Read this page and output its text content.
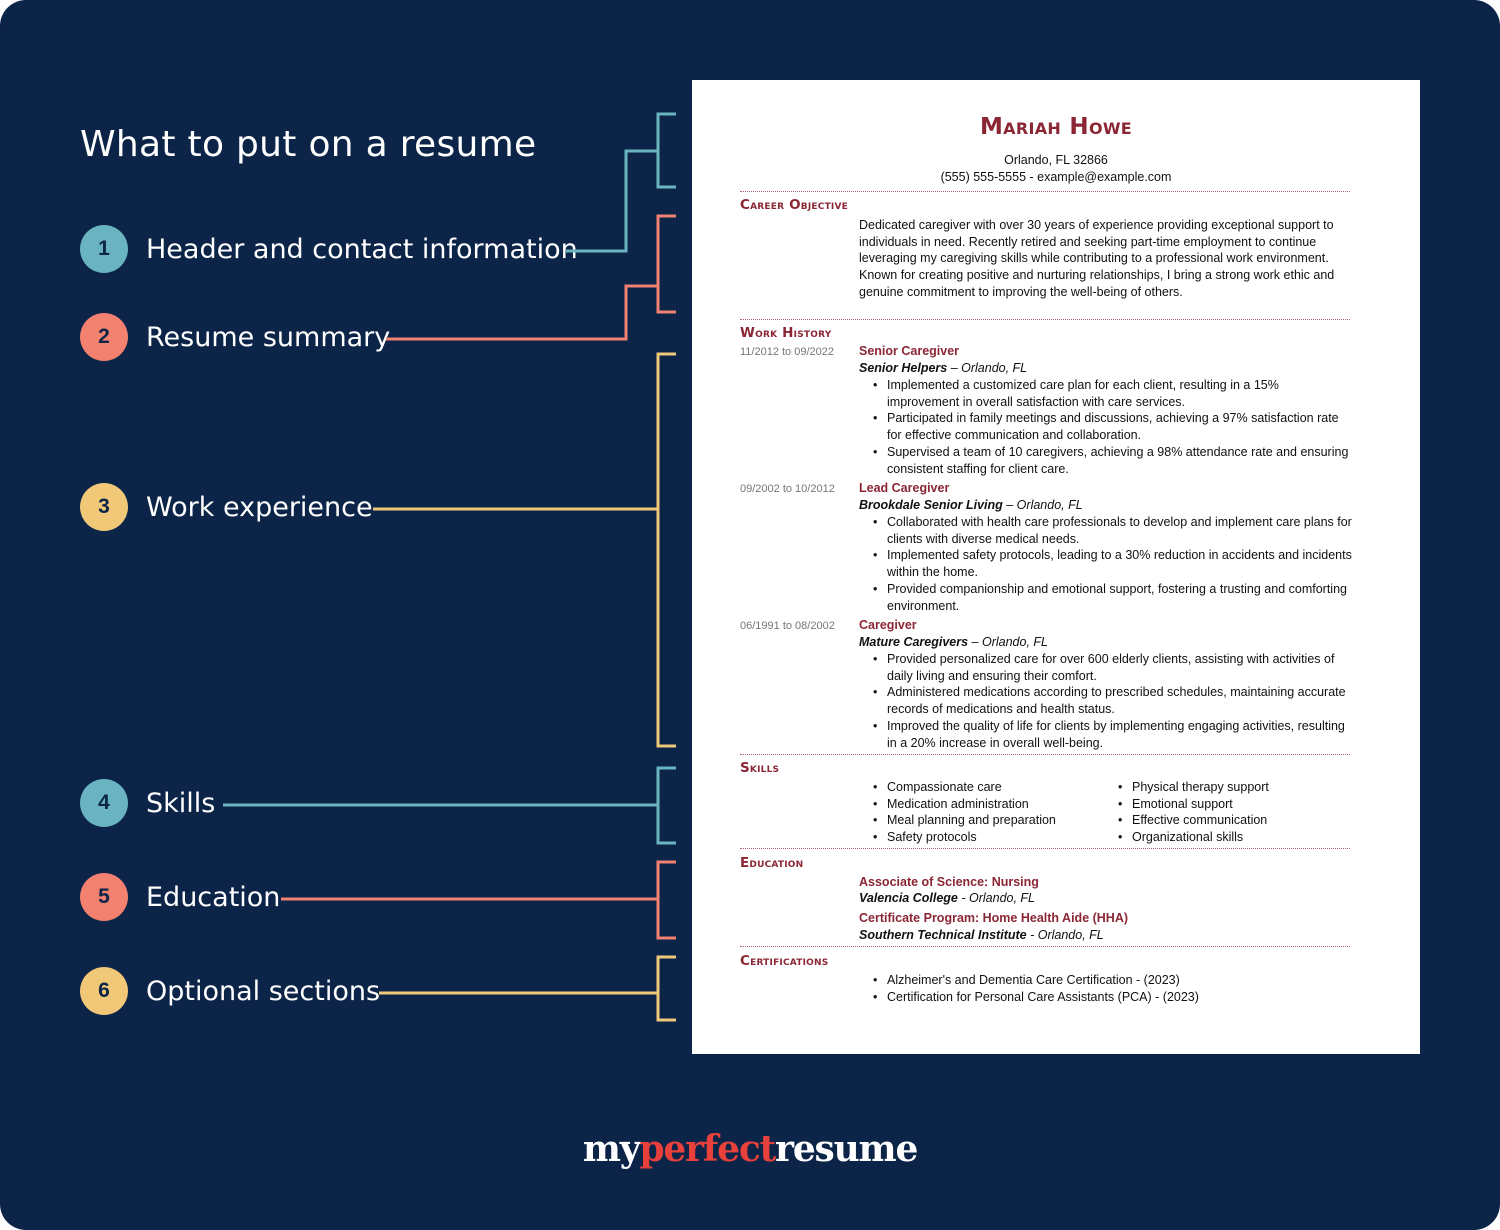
What to put on a resume
1	Header and contact information
2	Resume summary
3	Work experience
4	Skills
5	Education
6	Optional sections
Mariah Howe
Orlando, FL 32866
(555) 555-5555 - example@example.com
Career Objective
Dedicated caregiver with over 30 years of experience providing exceptional support to individuals in need. Recently retired and seeking part-time employment to continue leveraging my caregiving skills while contributing to a professional work environment. Known for creating positive and nurturing relationships, I bring a strong work ethic and genuine commitment to improving the well-being of others.
Work History
11/2012 to 09/2022 Senior Caregiver
Senior Helpers – Orlando, FL
• Implemented a customized care plan for each client, resulting in a 15% improvement in overall satisfaction with care services.
• Participated in family meetings and discussions, achieving a 97% satisfaction rate for effective communication and collaboration.
• Supervised a team of 10 caregivers, achieving a 98% attendance rate and ensuring consistent staffing for client care.
09/2002 to 10/2012 Lead Caregiver
Brookdale Senior Living – Orlando, FL
• Collaborated with health care professionals to develop and implement care plans for clients with diverse medical needs.
• Implemented safety protocols, leading to a 30% reduction in accidents and incidents within the home.
• Provided companionship and emotional support, fostering a trusting and comforting environment.
06/1991 to 08/2002 Caregiver
Mature Caregivers – Orlando, FL
• Provided personalized care for over 600 elderly clients, assisting with activities of daily living and ensuring their comfort.
• Administered medications according to prescribed schedules, maintaining accurate records of medications and health status.
• Improved the quality of life for clients by implementing engaging activities, resulting in a 20% increase in overall well-being.
Skills
• Compassionate care
• Medication administration
• Meal planning and preparation
• Safety protocols
• Physical therapy support
• Emotional support
• Effective communication
• Organizational skills
Education
Associate of Science: Nursing
Valencia College - Orlando, FL
Certificate Program: Home Health Aide (HHA)
Southern Technical Institute - Orlando, FL
Certifications
• Alzheimer's and Dementia Care Certification - (2023)
• Certification for Personal Care Assistants (PCA) - (2023)
myperfectresume
